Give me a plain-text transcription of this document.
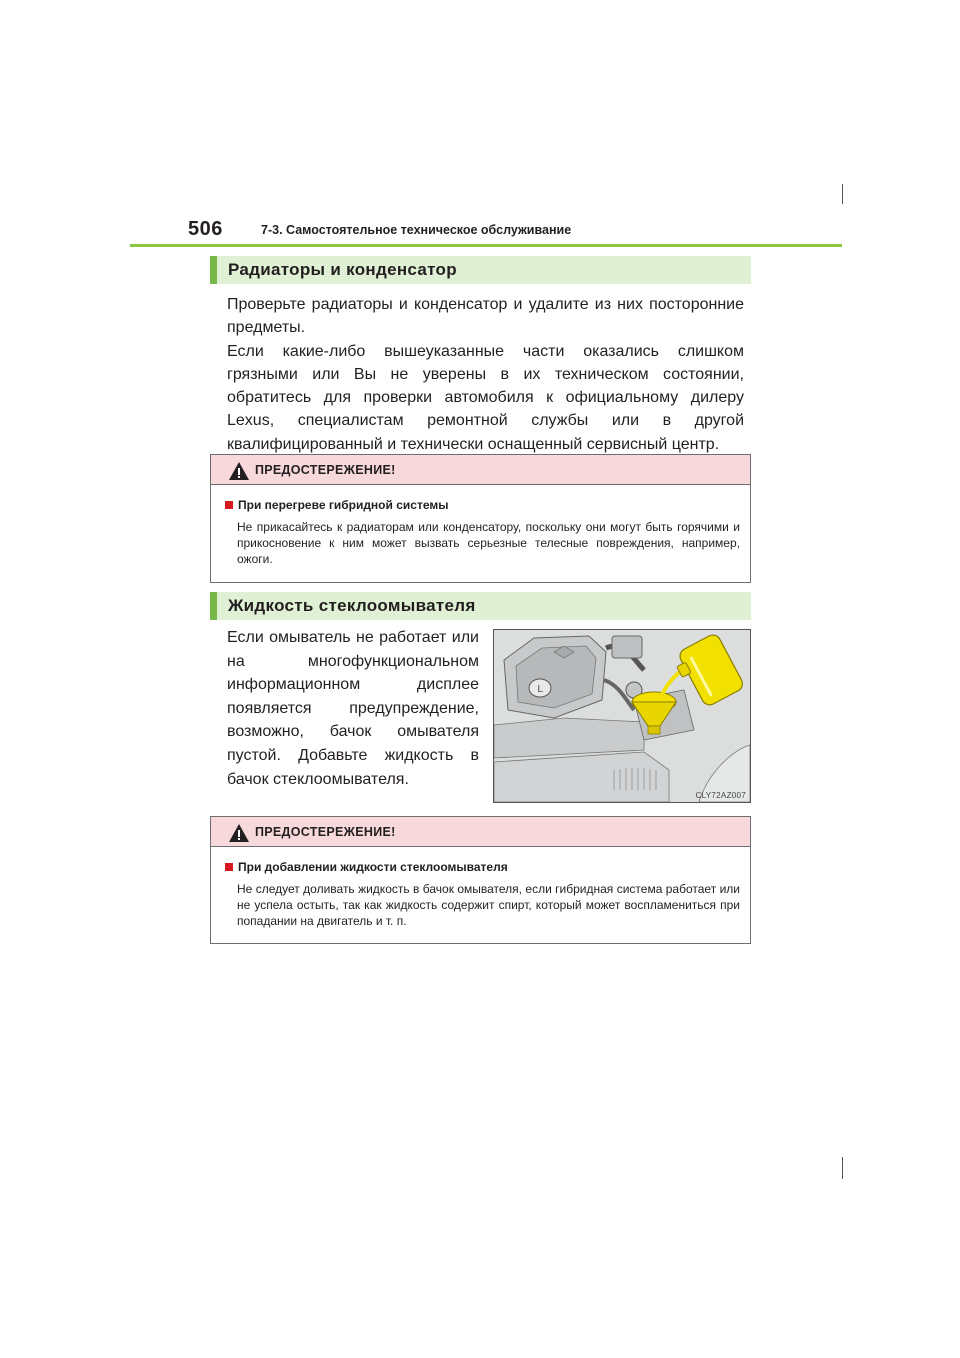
506	7-3. Самостоятельное техническое обслуживание
Радиаторы и конденсатор

Проверьте радиаторы и конденсатор и удалите из них посторонние предметы.

Если какие-либо вышеуказанные части оказались слишком грязными или Вы не уверены в их техническом состоянии, обратитесь для проверки автомобиля к официальному дилеру Lexus, специалистам ремонтной службы или в другой квалифицированный и технически оснащенный сервисный центр.

ПРЕДОСТЕРЕЖЕНИЕ!
При перегреве гибридной системы

Не прикасайтесь к радиаторам или конденсатору, поскольку они могут быть горячими и прикосновение к ним может вызвать серьезные телесные повреждения, например, ожоги.

Жидкость стеклоомывателя

Если омыватель не работает или на многофункциональном информационном дисплее появляется предупреждение, возможно, бачок омывателя пустой. Добавьте жидкость в бачок стеклоомывателя.

L
CLY72AZ007
ПРЕДОСТЕРЕЖЕНИЕ!
При добавлении жидкости стеклоомывателя

Не следует доливать жидкость в бачок омывателя, если гибридная система работает или не успела остыть, так как жидкость содержит спирт, который может воспламениться при попадании на двигатель и т. п.
